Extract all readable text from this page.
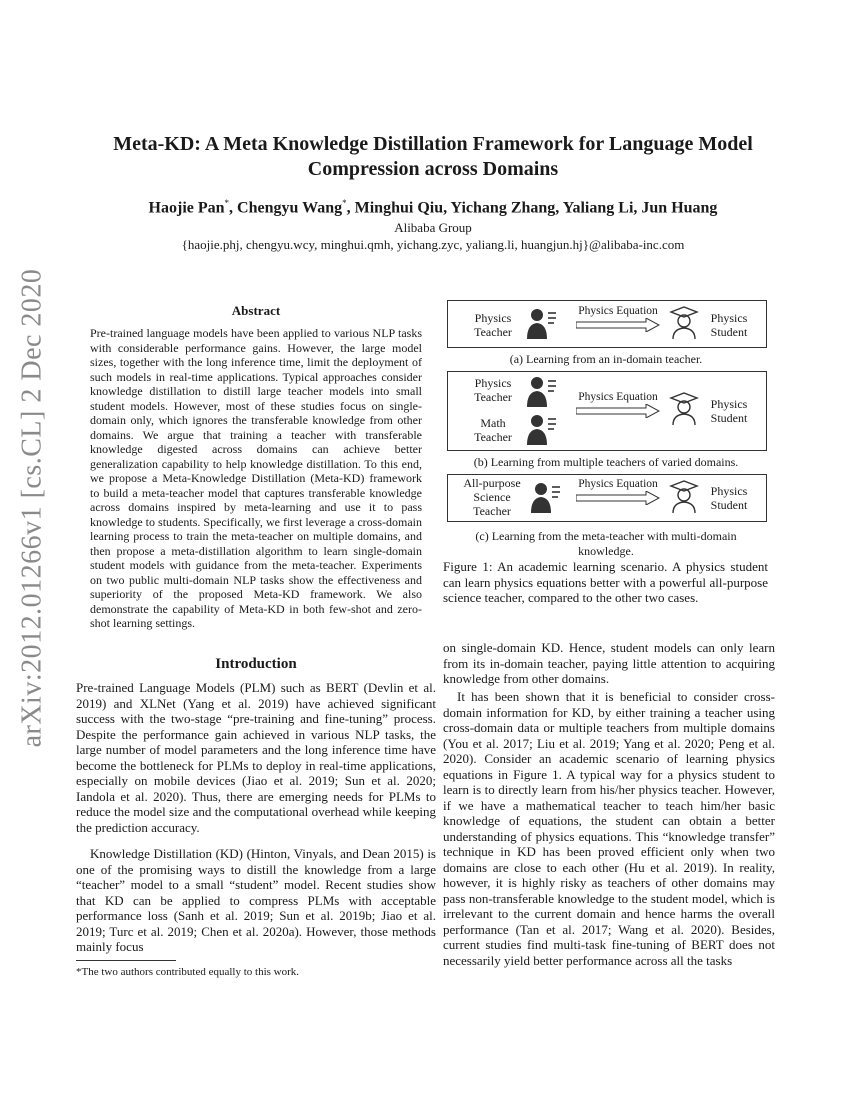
arXiv:2012.01266v1 [cs.CL] 2 Dec 2020
Meta-KD: A Meta Knowledge Distillation Framework for Language Model
Compression across Domains
Haojie Pan*, Chengyu Wang*, Minghui Qiu, Yichang Zhang, Yaliang Li, Jun Huang
Alibaba Group
{haojie.phj, chengyu.wcy, minghui.qmh, yichang.zyc, yaliang.li, huangjun.hj}@alibaba-inc.com
Abstract

Pre-trained language models have been applied to various NLP tasks with considerable performance gains. However, the large model sizes, together with the long inference time, limit the deployment of such models in real-time applications. Typical approaches consider knowledge distillation to distill large teacher models into small student models. However, most of these studies focus on single-domain only, which ignores the transferable knowledge from other domains. We argue that training a teacher with transferable knowledge digested across domains can achieve better generalization capability to help knowledge distillation. To this end, we propose a Meta-Knowledge Distillation (Meta-KD) framework to build a meta-teacher model that captures transferable knowledge across domains inspired by meta-learning and use it to pass knowledge to students. Specifically, we first leverage a cross-domain learning process to train the meta-teacher on multiple domains, and then propose a meta-distillation algorithm to learn single-domain student models with guidance from the meta-teacher. Experiments on two public multi-domain NLP tasks show the effectiveness and superiority of the proposed Meta-KD framework. We also demonstrate the capability of Meta-KD in both few-shot and zero-shot learning settings.

Introduction

Pre-trained Language Models (PLM) such as BERT (Devlin et al. 2019) and XLNet (Yang et al. 2019) have achieved significant success with the two-stage “pre-training and fine-tuning” process. Despite the performance gain achieved in various NLP tasks, the large number of model parameters and the long inference time have become the bottleneck for PLMs to deploy in real-time applications, especially on mobile devices (Jiao et al. 2019; Sun et al. 2020; Iandola et al. 2020). Thus, there are emerging needs for PLMs to reduce the model size and the computational overhead while keeping the prediction accuracy.

Knowledge Distillation (KD) (Hinton, Vinyals, and Dean 2015) is one of the promising ways to distill the knowledge from a large “teacher” model to a small “student” model. Recent studies show that KD can be applied to compress PLMs with acceptable performance loss (Sanh et al. 2019; Sun et al. 2019b; Jiao et al. 2019; Turc et al. 2019; Chen et al. 2020a). However, those methods mainly focus

*The two authors contributed equally to this work.
Physics Teacher
Physics Equation	Physics Student
(a) Learning from an in-domain teacher.
Physics Teacher
Math Teacher
Physics Equation	Physics Student
(b) Learning from multiple teachers of varied domains.
All-purpose Science Teacher
Physics Equation	Physics Student
(c) Learning from the meta-teacher with multi-domain knowledge.

Figure 1: An academic learning scenario. A physics student can learn physics equations better with a powerful all-purpose science teacher, compared to the other two cases.

on single-domain KD. Hence, student models can only learn from its in-domain teacher, paying little attention to acquiring knowledge from other domains.

It has been shown that it is beneficial to consider cross-domain information for KD, by either training a teacher using cross-domain data or multiple teachers from multiple domains (You et al. 2017; Liu et al. 2019; Yang et al. 2020; Peng et al. 2020). Consider an academic scenario of learning physics equations in Figure 1. A typical way for a physics student to learn is to directly learn from his/her physics teacher. However, if we have a mathematical teacher to teach him/her basic knowledge of equations, the student can obtain a better understanding of physics equations. This “knowledge transfer” technique in KD has been proved efficient only when two domains are close to each other (Hu et al. 2019). In reality, however, it is highly risky as teachers of other domains may pass non-transferable knowledge to the student model, which is irrelevant to the current domain and hence harms the overall performance (Tan et al. 2017; Wang et al. 2020). Besides, current studies find multi-task fine-tuning of BERT does not necessarily yield better performance across all the tasks
